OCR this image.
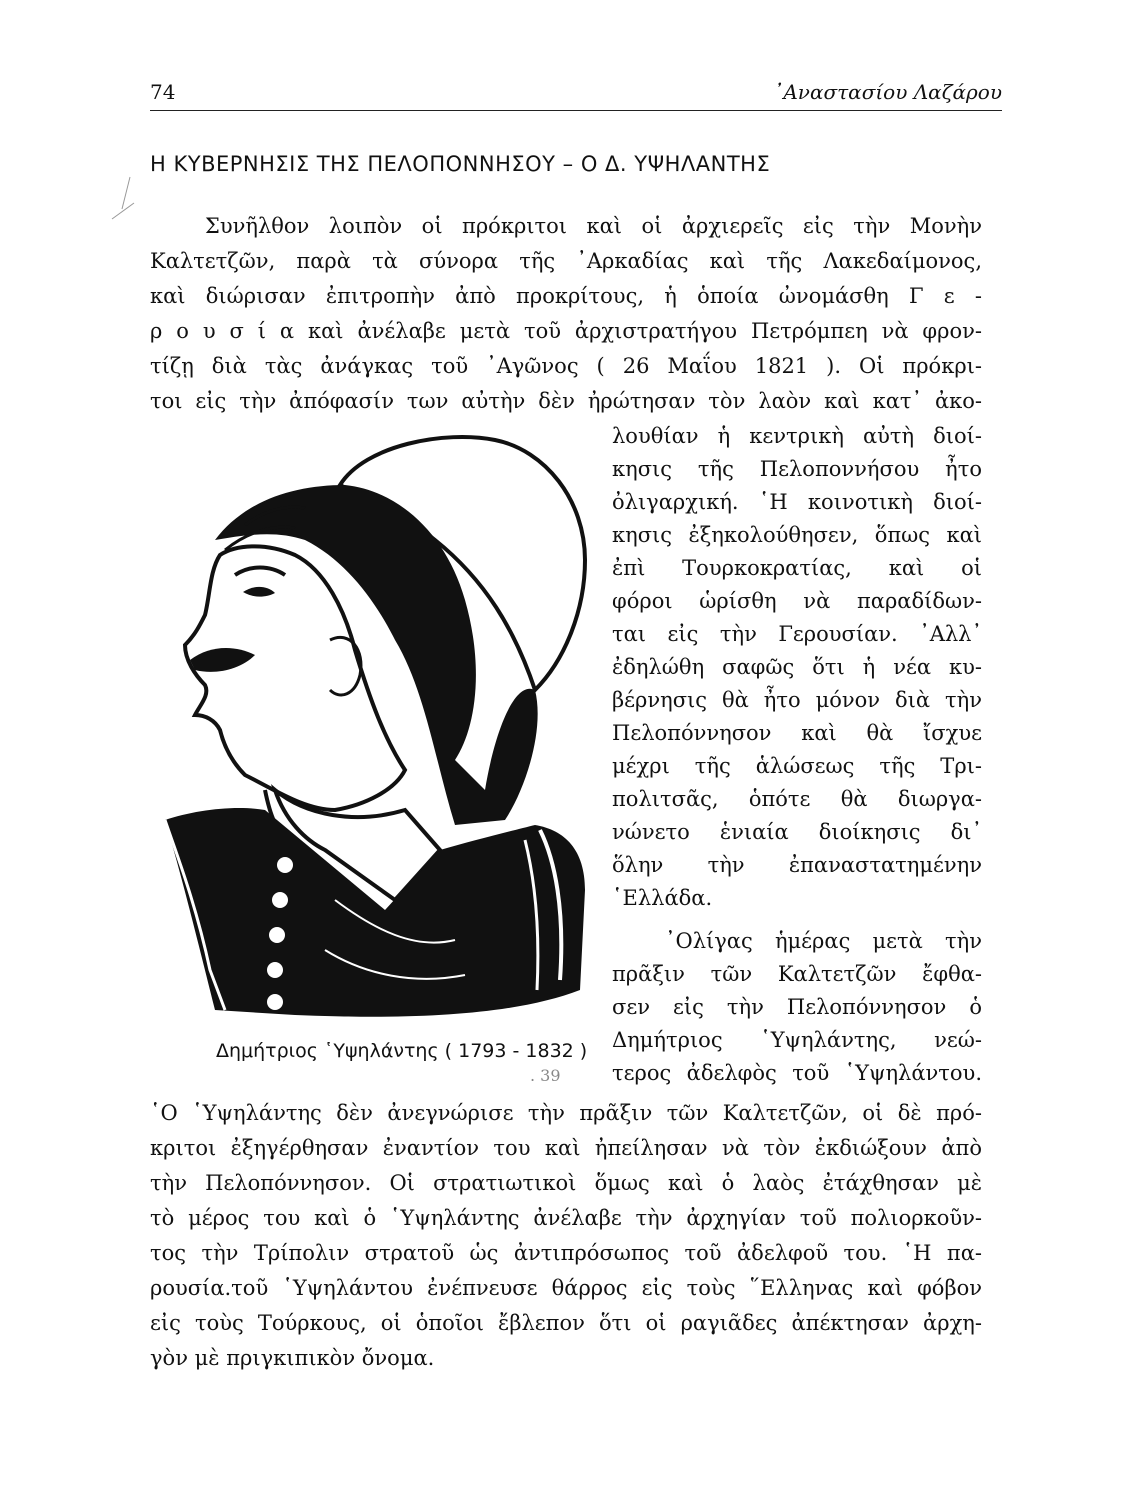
74	᾿Αναστασίου Λαζάρου
Η ΚΥΒΕΡΝΗΣΙΣ ΤΗΣ ΠΕΛΟΠΟΝΝΗΣΟΥ – Ο Δ. ΥΨΗΛΑΝΤΗΣ
Συνῆλθον λοιπὸν οἱ πρόκριτοι καὶ οἱ ἀρχιερεῖς εἰς τὴν Μονὴν
Καλτετζῶν, παρὰ τὰ σύνορα τῆς ᾿Αρκαδίας καὶ τῆς Λακεδαίμονος,
καὶ διώρισαν ἐπιτροπὴν ἀπὸ προκρίτους, ἡ ὁποία ὠνομάσθη Γ ε -
ρ ο υ σ ί α καὶ ἀνέλαβε μετὰ τοῦ ἀρχιστρατήγου Πετρόμπεη νὰ φρον-
τίζῃ διὰ τὰς ἀνάγκας τοῦ ᾿Αγῶνος ( 26 Μαΐου 1821 ). Οἱ πρόκρι-
τοι εἰς τὴν ἀπόφασίν των αὐτὴν δὲν ἠρώτησαν τὸν λαὸν καὶ κατ᾿ ἀκο-
λουθίαν ἡ κεντρικὴ αὐτὴ διοί-
κησις τῆς Πελοποννήσου ἦτο
ὀλιγαρχική. ῾Η κοινοτικὴ διοί-
κησις ἐξηκολούθησεν, ὅπως καὶ
ἐπὶ Τουρκοκρατίας, καὶ οἱ
φόροι ὡρίσθη νὰ παραδίδων-
ται εἰς τὴν Γερουσίαν. ᾿Αλλ᾿
ἐδηλώθη σαφῶς ὅτι ἡ νέα κυ-
βέρνησις θὰ ἦτο μόνον διὰ τὴν
Πελοπόννησον καὶ θὰ ἴσχυε
μέχρι τῆς ἁλώσεως τῆς Τρι-
πολιτσᾶς, ὁπότε θὰ διωργα-
νώνετο ἑνιαία διοίκησις δι᾿
ὅλην τὴν ἐπαναστατημένην
῾Ελλάδα.
᾿Ολίγας ἡμέρας μετὰ τὴν
πρᾶξιν τῶν Καλτετζῶν ἔφθα-
σεν εἰς τὴν Πελοπόννησον ὁ
Δημήτριος ῾Υψηλάντης, νεώ-
τερος ἀδελφὸς τοῦ ῾Υψηλάντου.
῾Ο ῾Υψηλάντης δὲν ἀνεγνώρισε τὴν πρᾶξιν τῶν Καλτετζῶν, οἱ δὲ πρό-
κριτοι ἐξηγέρθησαν ἐναντίον του καὶ ἠπείλησαν νὰ τὸν ἐκδιώξουν ἀπὸ
τὴν Πελοπόννησον. Οἱ στρατιωτικοὶ ὅμως καὶ ὁ λαὸς ἐτάχθησαν μὲ
τὸ μέρος του καὶ ὁ ῾Υψηλάντης ἀνέλαβε τὴν ἀρχηγίαν τοῦ πολιορκοῦν-
τος τὴν Τρίπολιν στρατοῦ ὡς ἀντιπρόσωπος τοῦ ἀδελφοῦ του. ῾Η πα-
ρουσία.τοῦ ῾Υψηλάντου ἐνέπνευσε θάρρος εἰς τοὺς ῞Ελληνας καὶ φόβον
εἰς τοὺς Τούρκους, οἱ ὁποῖοι ἔβλεπον ὅτι οἱ ραγιᾶδες ἀπέκτησαν ἀρχη-
γὸν μὲ πριγκιπικὸν ὄνομα.
Δημήτριος ῾Υψηλάντης ( 1793 - 1832 )
. 39
